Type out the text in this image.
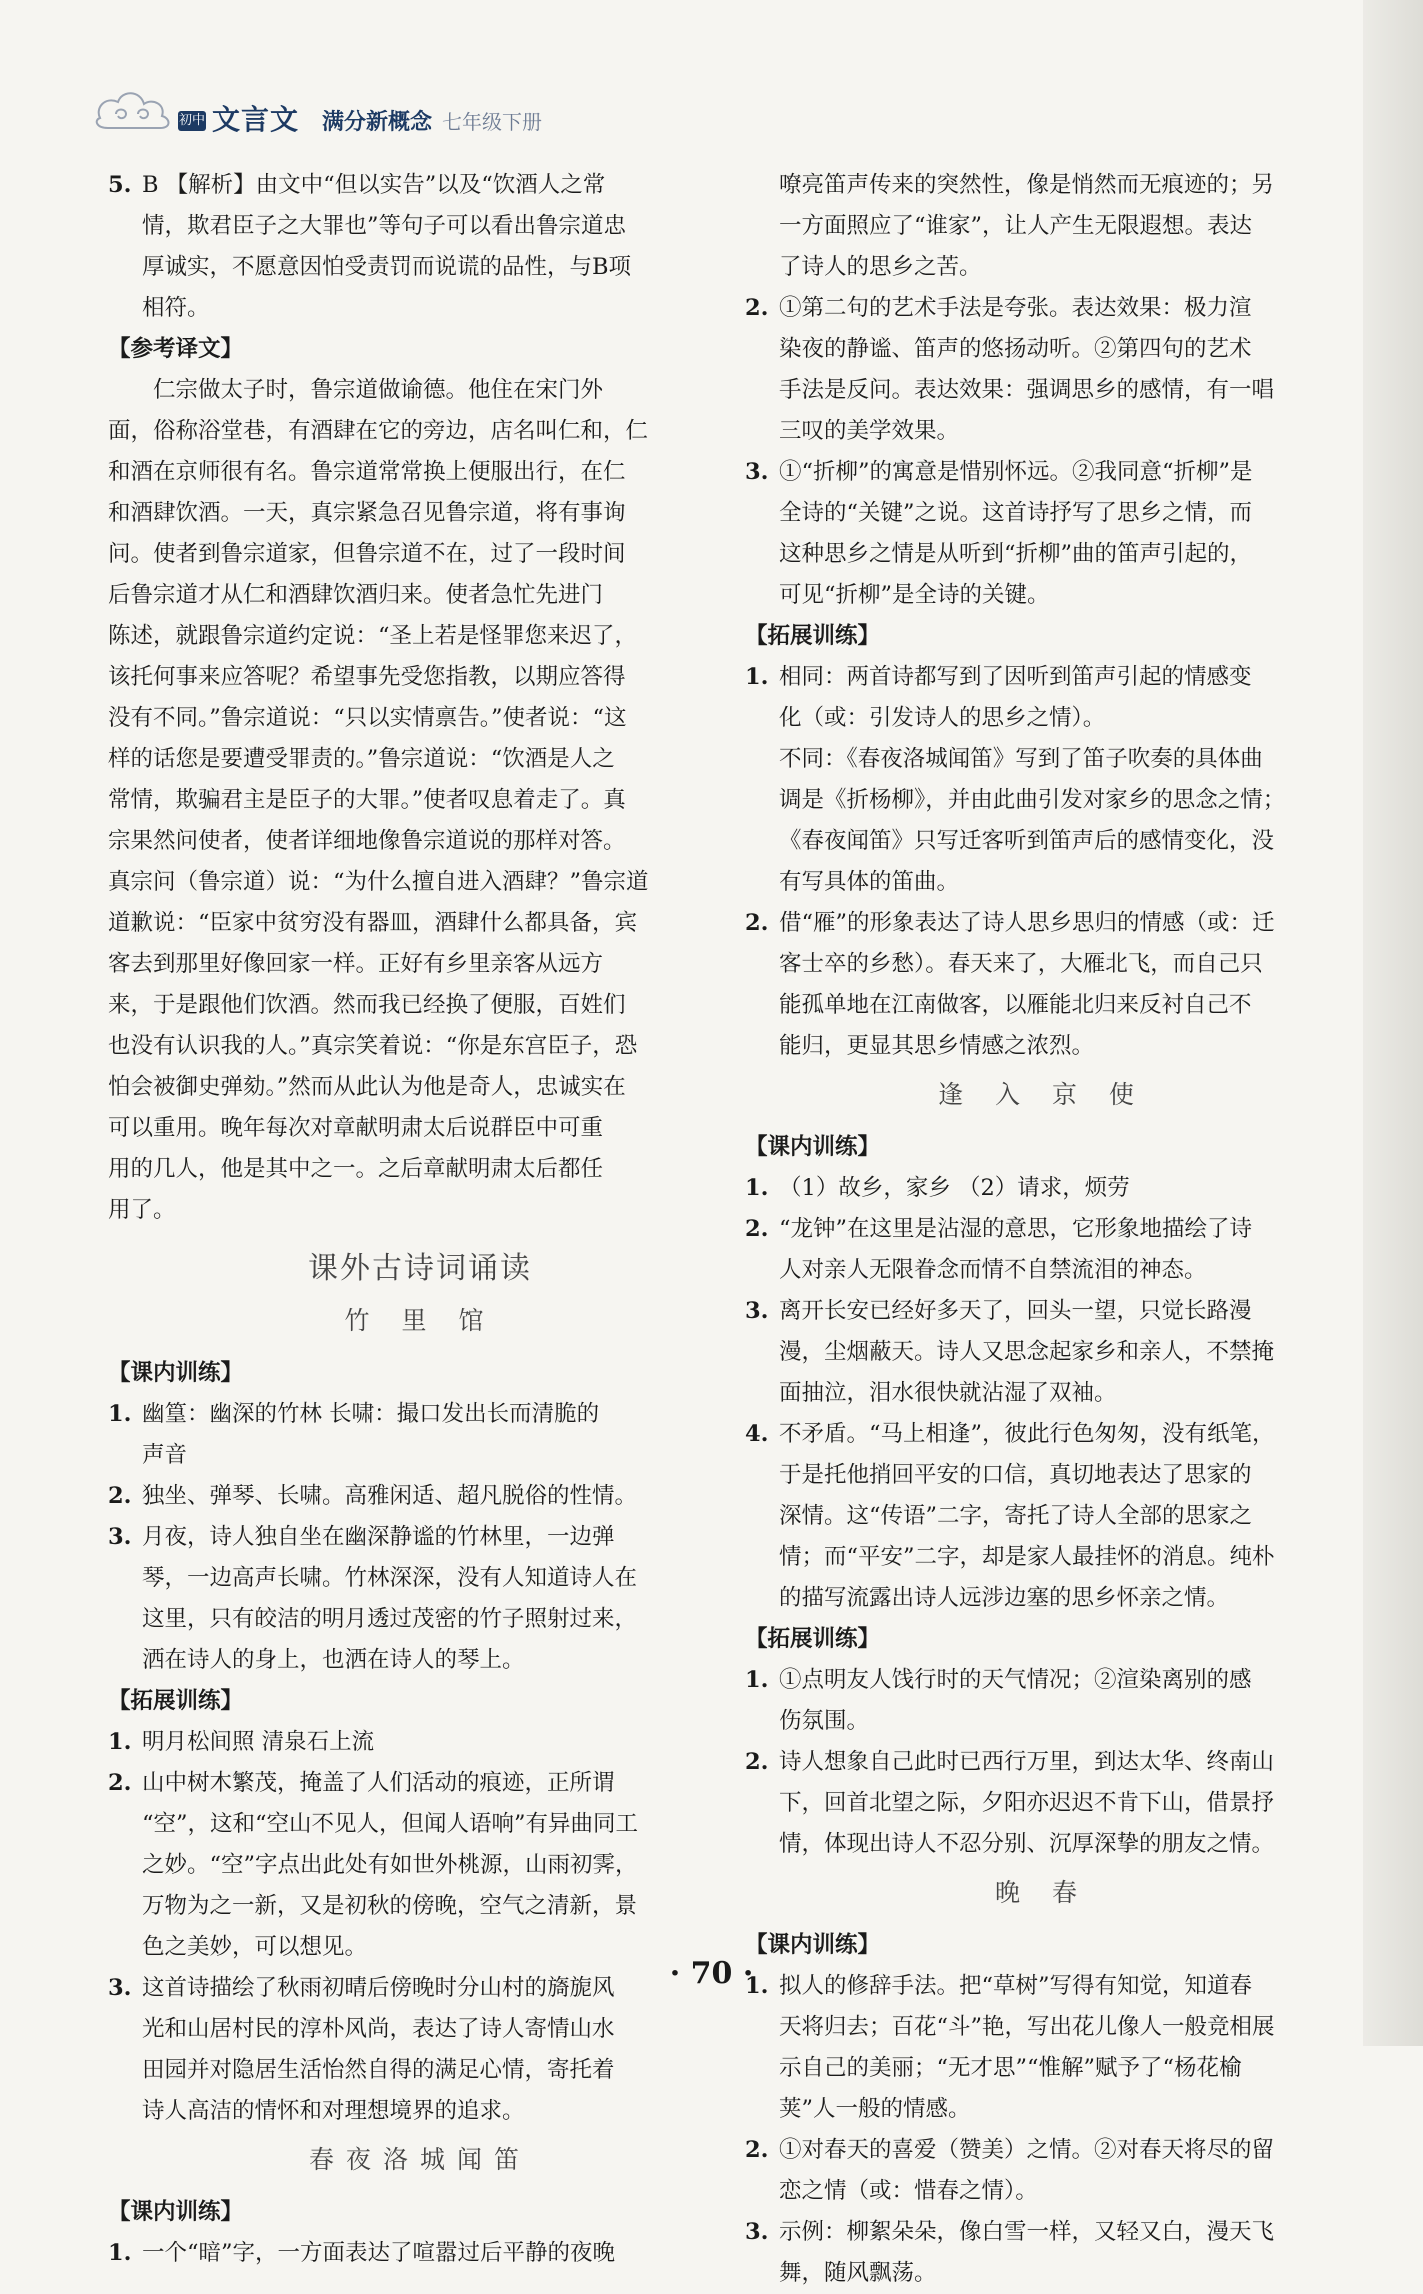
初中 文言文 满分新概念 七年级下册
5. B 【解析】由文中“但以实告”以及“饮酒人之常

情，欺君臣子之大罪也”等句子可以看出鲁宗道忠

厚诚实，不愿意因怕受责罚而说谎的品性，与B项

相符。

【参考译文】

仁宗做太子时，鲁宗道做谕德。他住在宋门外

面，俗称浴堂巷，有酒肆在它的旁边，店名叫仁和，仁

和酒在京师很有名。鲁宗道常常换上便服出行，在仁

和酒肆饮酒。一天，真宗紧急召见鲁宗道，将有事询

问。使者到鲁宗道家，但鲁宗道不在，过了一段时间

后鲁宗道才从仁和酒肆饮酒归来。使者急忙先进门

陈述，就跟鲁宗道约定说：“圣上若是怪罪您来迟了，

该托何事来应答呢？希望事先受您指教，以期应答得

没有不同。”鲁宗道说：“只以实情禀告。”使者说：“这

样的话您是要遭受罪责的。”鲁宗道说：“饮酒是人之

常情，欺骗君主是臣子的大罪。”使者叹息着走了。真

宗果然问使者，使者详细地像鲁宗道说的那样对答。

真宗问（鲁宗道）说：“为什么擅自进入酒肆？”鲁宗道

道歉说：“臣家中贫穷没有器皿，酒肆什么都具备，宾

客去到那里好像回家一样。正好有乡里亲客从远方

来，于是跟他们饮酒。然而我已经换了便服，百姓们

也没有认识我的人。”真宗笑着说：“你是东宫臣子，恐

怕会被御史弹劾。”然而从此认为他是奇人，忠诚实在

可以重用。晚年每次对章献明肃太后说群臣中可重

用的几人，他是其中之一。之后章献明肃太后都任

用了。

课外古诗词诵读
竹 里 馆

【课内训练】

1. 幽篁：幽深的竹林 长啸：撮口发出长而清脆的

声音

2. 独坐、弹琴、长啸。高雅闲适、超凡脱俗的性情。

3. 月夜，诗人独自坐在幽深静谧的竹林里，一边弹

琴，一边高声长啸。竹林深深，没有人知道诗人在

这里，只有皎洁的明月透过茂密的竹子照射过来，

洒在诗人的身上，也洒在诗人的琴上。

【拓展训练】

1. 明月松间照 清泉石上流

2. 山中树木繁茂，掩盖了人们活动的痕迹，正所谓

“空”，这和“空山不见人，但闻人语响”有异曲同工

之妙。“空”字点出此处有如世外桃源，山雨初霁，

万物为之一新，又是初秋的傍晚，空气之清新，景

色之美妙，可以想见。

3. 这首诗描绘了秋雨初晴后傍晚时分山村的旖旎风

光和山居村民的淳朴风尚，表达了诗人寄情山水

田园并对隐居生活怡然自得的满足心情，寄托着

诗人高洁的情怀和对理想境界的追求。

春夜洛城闻笛

【课内训练】

1. 一个“暗”字，一方面表达了喧嚣过后平静的夜晚

嘹亮笛声传来的突然性，像是悄然而无痕迹的；另

一方面照应了“谁家”，让人产生无限遐想。表达

了诗人的思乡之苦。

2. ①第二句的艺术手法是夸张。表达效果：极力渲

染夜的静谧、笛声的悠扬动听。②第四句的艺术

手法是反问。表达效果：强调思乡的感情，有一唱

三叹的美学效果。

3. ①“折柳”的寓意是惜别怀远。②我同意“折柳”是

全诗的“关键”之说。这首诗抒写了思乡之情，而

这种思乡之情是从听到“折柳”曲的笛声引起的，

可见“折柳”是全诗的关键。

【拓展训练】

1. 相同：两首诗都写到了因听到笛声引起的情感变

化（或：引发诗人的思乡之情）。

不同：《春夜洛城闻笛》写到了笛子吹奏的具体曲

调是《折杨柳》，并由此曲引发对家乡的思念之情；

《春夜闻笛》只写迁客听到笛声后的感情变化，没

有写具体的笛曲。

2. 借“雁”的形象表达了诗人思乡思归的情感（或：迁

客士卒的乡愁）。春天来了，大雁北飞，而自己只

能孤单地在江南做客，以雁能北归来反衬自己不

能归，更显其思乡情感之浓烈。

逢 入 京 使

【课内训练】

1. （1）故乡，家乡 （2）请求，烦劳

2. “龙钟”在这里是沾湿的意思，它形象地描绘了诗

人对亲人无限眷念而情不自禁流泪的神态。

3. 离开长安已经好多天了，回头一望，只觉长路漫

漫，尘烟蔽天。诗人又思念起家乡和亲人，不禁掩

面抽泣，泪水很快就沾湿了双袖。

4. 不矛盾。“马上相逢”，彼此行色匆匆，没有纸笔，

于是托他捎回平安的口信，真切地表达了思家的

深情。这“传语”二字，寄托了诗人全部的思家之

情；而“平安”二字，却是家人最挂怀的消息。纯朴

的描写流露出诗人远涉边塞的思乡怀亲之情。

【拓展训练】

1. ①点明友人饯行时的天气情况；②渲染离别的感

伤氛围。

2. 诗人想象自己此时已西行万里，到达太华、终南山

下，回首北望之际，夕阳亦迟迟不肯下山，借景抒

情，体现出诗人不忍分别、沉厚深挚的朋友之情。

晚 春

【课内训练】

1. 拟人的修辞手法。把“草树”写得有知觉，知道春

天将归去；百花“斗”艳，写出花儿像人一般竞相展

示自己的美丽；“无才思”“惟解”赋予了“杨花榆

荚”人一般的情感。

2. ①对春天的喜爱（赞美）之情。②对春天将尽的留

恋之情（或：惜春之情）。

3. 示例：柳絮朵朵，像白雪一样，又轻又白，漫天飞

舞，随风飘荡。

· 70 ·
